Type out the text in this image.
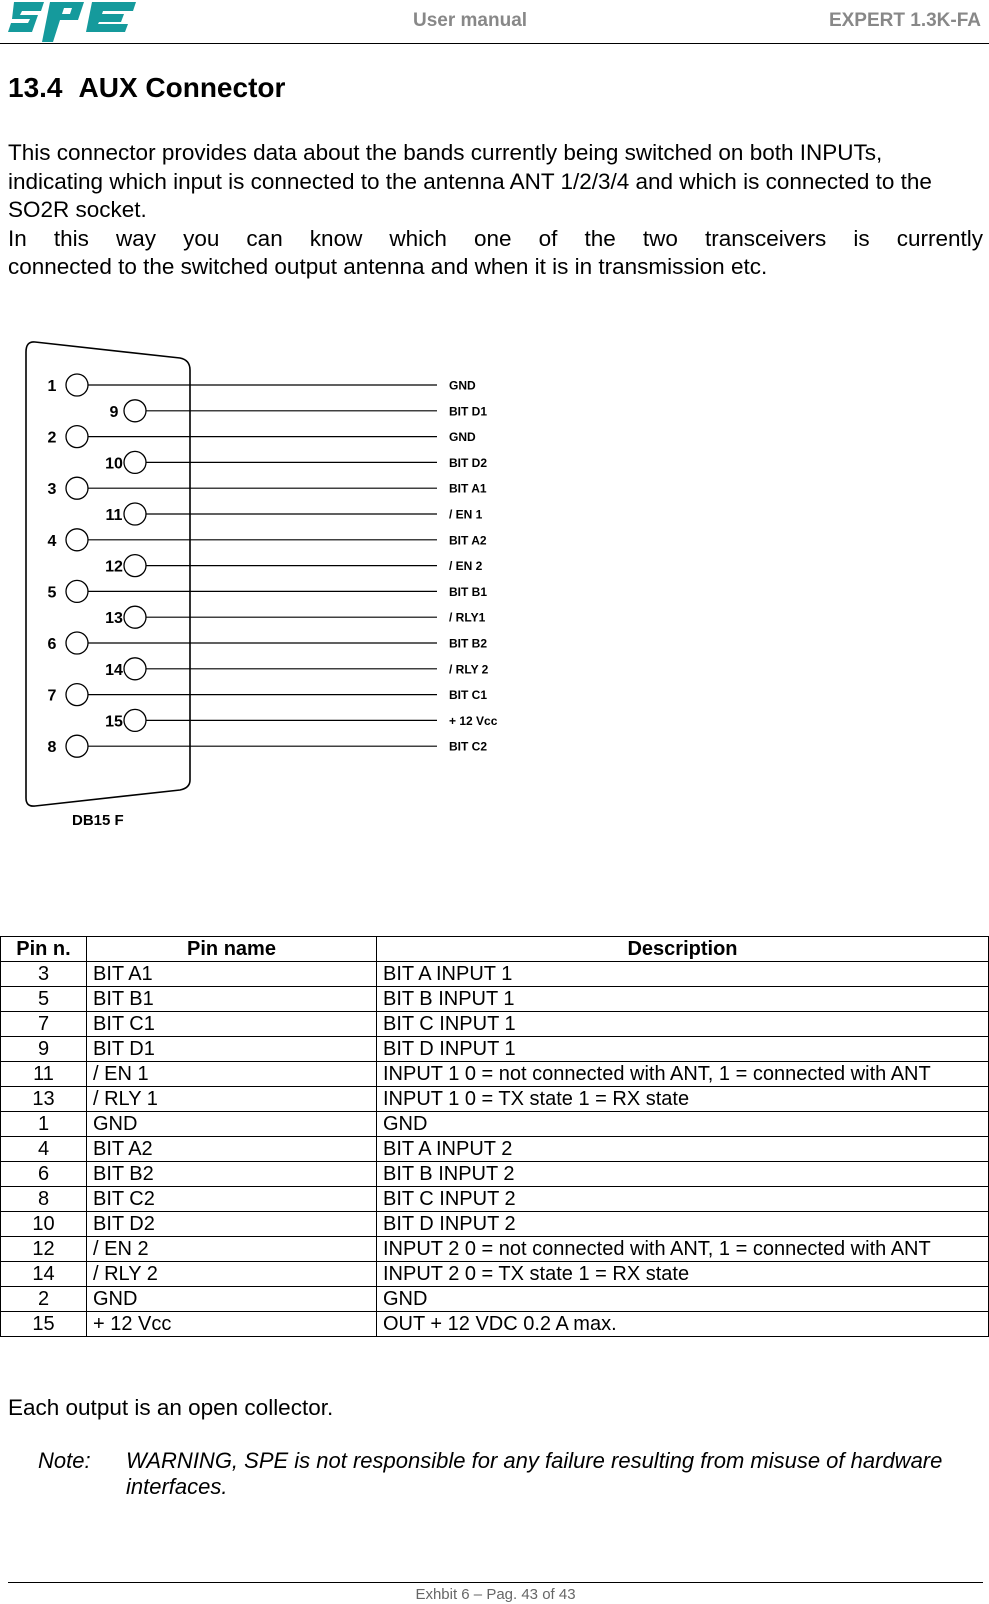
User manual	EXPERT 1.3K-FA
13.4 AUX Connector

This connector provides data about the bands currently being switched on both INPUTs, indicating which input is connected to the antenna ANT 1/2/3/4 and which is connected to the SO2R socket.

In this way you can know which one of the two transceivers is currently

connected to the switched output antenna and when it is in transmission etc.

1	GND
9	BIT D1
2	GND
10	BIT D2
3	BIT A1
11	/ EN 1
4	BIT A2
12	/ EN 2
5	BIT B1
13	/ RLY1
6	BIT B2
14	/ RLY 2
7	BIT C1
15	+ 12 Vcc
8	BIT C2
DB15 F
Pin n.	Pin name	Description
3	BIT A1	BIT A INPUT 1
5	BIT B1	BIT B INPUT 1
7	BIT C1	BIT C INPUT 1
9	BIT D1	BIT D INPUT 1
11	/ EN 1	INPUT 1 0 = not connected with ANT, 1 = connected with ANT
13	/ RLY 1	INPUT 1 0 = TX state 1 = RX state
1	GND	GND
4	BIT A2	BIT A INPUT 2
6	BIT B2	BIT B INPUT 2
8	BIT C2	BIT C INPUT 2
10	BIT D2	BIT D INPUT 2
12	/ EN 2	INPUT 2 0 = not connected with ANT, 1 = connected with ANT
14	/ RLY 2	INPUT 2 0 = TX state 1 = RX state
2	GND	GND
15	+ 12 Vcc	OUT + 12 VDC 0.2 A max.

Each output is an open collector.

Note: WARNING, SPE is not responsible for any failure resulting from misuse of hardware interfaces.
Exhbit 6 – Pag. 43 of 43
